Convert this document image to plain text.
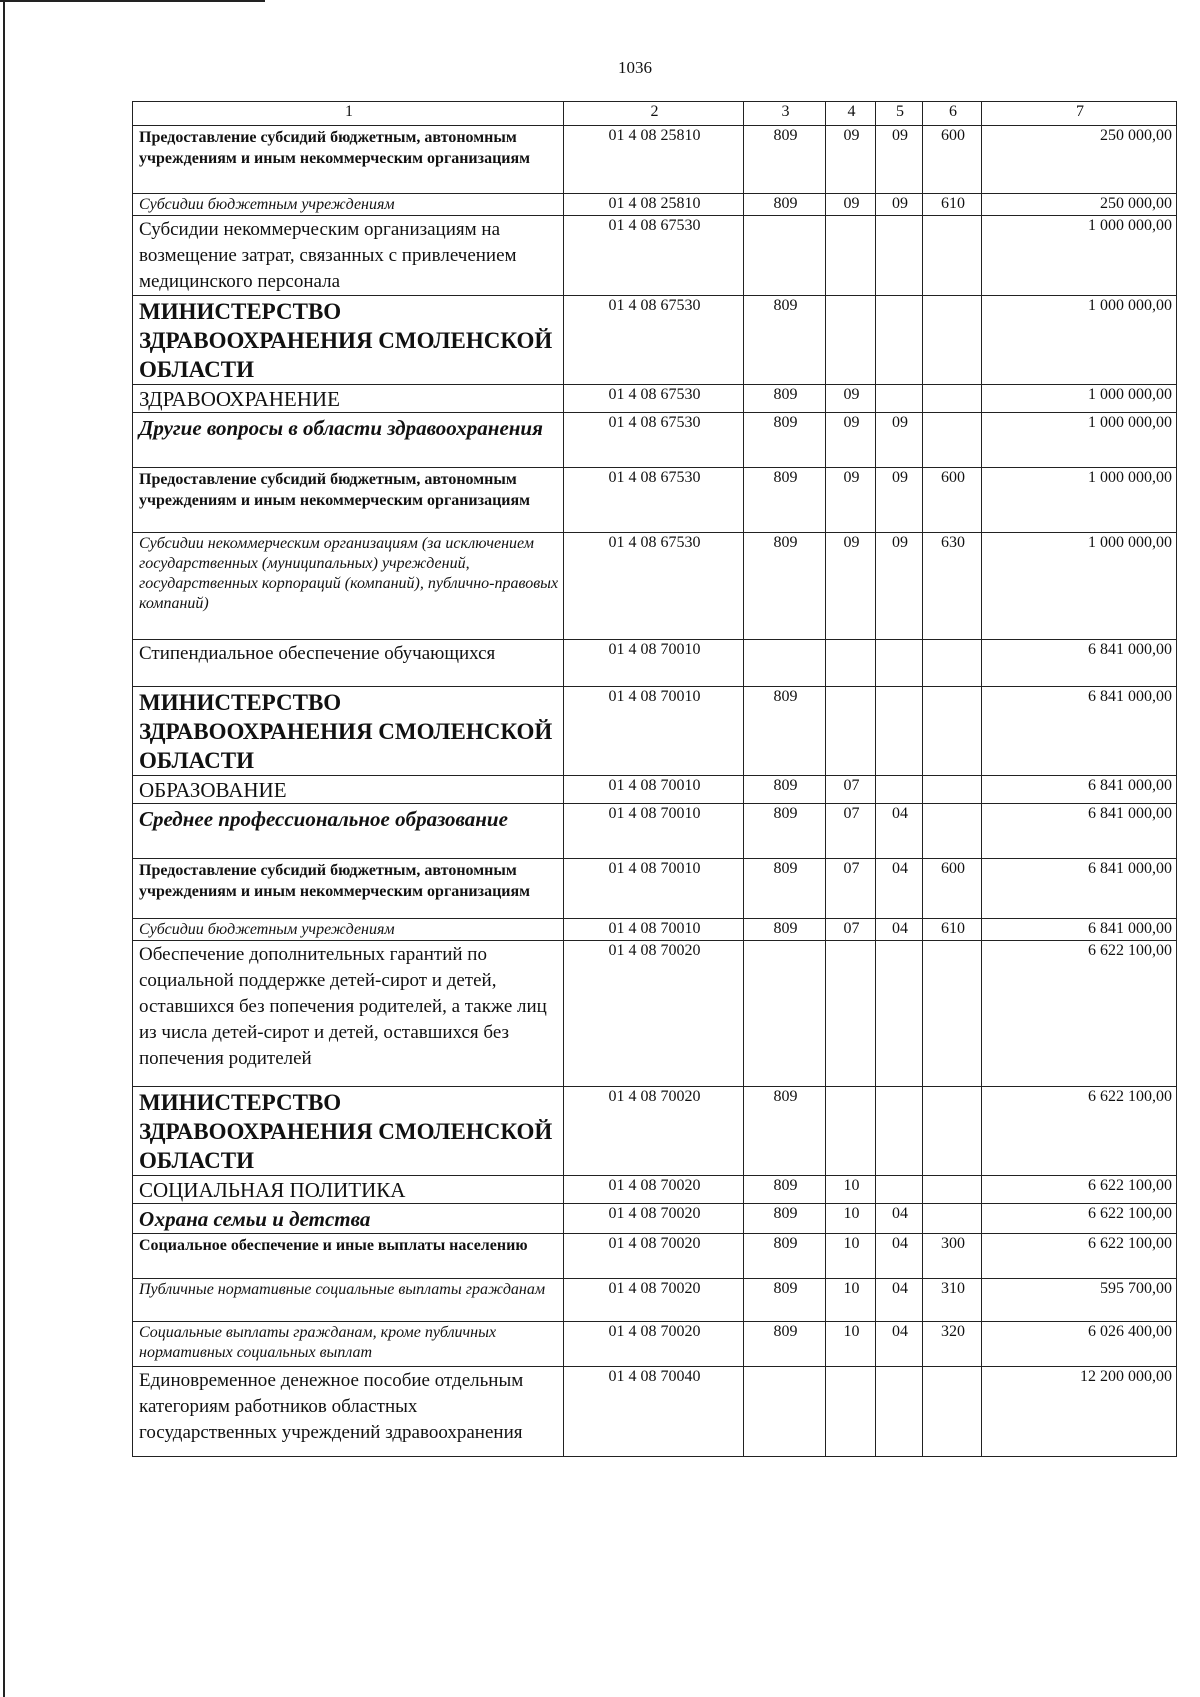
1036
1	2	3	4	5	6	7
Предоставление субсидий бюджетным, автономным учреждениям и иным некоммерческим организациям	01 4 08 25810	809	09	09	600	250 000,00
Субсидии бюджетным учреждениям	01 4 08 25810	809	09	09	610	250 000,00
Субсидии некоммерческим организациям на возмещение затрат, связанных с привлечением медицинского персонала	01 4 08 67530					1 000 000,00
МИНИСТЕРСТВО ЗДРАВООХРАНЕНИЯ СМОЛЕНСКОЙ ОБЛАСТИ	01 4 08 67530	809				1 000 000,00
ЗДРАВООХРАНЕНИЕ	01 4 08 67530	809	09			1 000 000,00
Другие вопросы в области здравоохранения	01 4 08 67530	809	09	09		1 000 000,00
Предоставление субсидий бюджетным, автономным учреждениям и иным некоммерческим организациям	01 4 08 67530	809	09	09	600	1 000 000,00
Субсидии некоммерческим организациям (за исключением государственных (муниципальных) учреждений, государственных корпораций (компаний), публично-правовых компаний)	01 4 08 67530	809	09	09	630	1 000 000,00
Стипендиальное обеспечение обучающихся	01 4 08 70010					6 841 000,00
МИНИСТЕРСТВО ЗДРАВООХРАНЕНИЯ СМОЛЕНСКОЙ ОБЛАСТИ	01 4 08 70010	809				6 841 000,00
ОБРАЗОВАНИЕ	01 4 08 70010	809	07			6 841 000,00
Среднее профессиональное образование	01 4 08 70010	809	07	04		6 841 000,00
Предоставление субсидий бюджетным, автономным учреждениям и иным некоммерческим организациям	01 4 08 70010	809	07	04	600	6 841 000,00
Субсидии бюджетным учреждениям	01 4 08 70010	809	07	04	610	6 841 000,00
Обеспечение дополнительных гарантий по социальной поддержке детей-сирот и детей, оставшихся без попечения родителей, а также лиц из числа детей-сирот и детей, оставшихся без попечения родителей	01 4 08 70020					6 622 100,00
МИНИСТЕРСТВО ЗДРАВООХРАНЕНИЯ СМОЛЕНСКОЙ ОБЛАСТИ	01 4 08 70020	809				6 622 100,00
СОЦИАЛЬНАЯ ПОЛИТИКА	01 4 08 70020	809	10			6 622 100,00
Охрана семьи и детства	01 4 08 70020	809	10	04		6 622 100,00
Социальное обеспечение и иные выплаты населению	01 4 08 70020	809	10	04	300	6 622 100,00
Публичные нормативные социальные выплаты гражданам	01 4 08 70020	809	10	04	310	595 700,00
Социальные выплаты гражданам, кроме публичных нормативных социальных выплат	01 4 08 70020	809	10	04	320	6 026 400,00
Единовременное денежное пособие отдельным категориям работников областных государственных учреждений здравоохранения	01 4 08 70040					12 200 000,00
